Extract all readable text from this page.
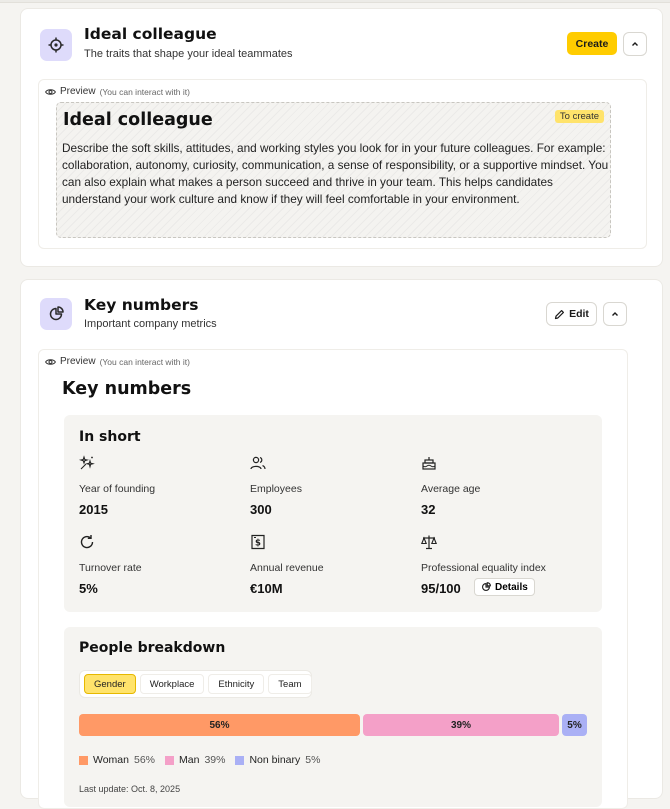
Ideal colleague
The traits that shape your ideal teammates
Create
Preview (You can interact with it)
To create
Ideal colleague
Describe the soft skills, attitudes, and working styles you look for in your future colleagues. For example: collaboration, autonomy, curiosity, communication, a sense of responsibility, or a supportive mindset. You can also explain what makes a person succeed and thrive in your team. This helps candidates understand your work culture and know if they will feel comfortable in your environment.
Key numbers
Important company metrics
Edit
Preview (You can interact with it)
Key numbers
In short
Year of founding
2015
Employees
300
Average age
32
Turnover rate
5%
$
Annual revenue
€10M
Professional equality index
95/100	Details
People breakdown
Gender	Workplace	Ethnicity	Team
56%	39%	5%
Woman 56% Man 39% Non binary 5%
Last update: Oct. 8, 2025
